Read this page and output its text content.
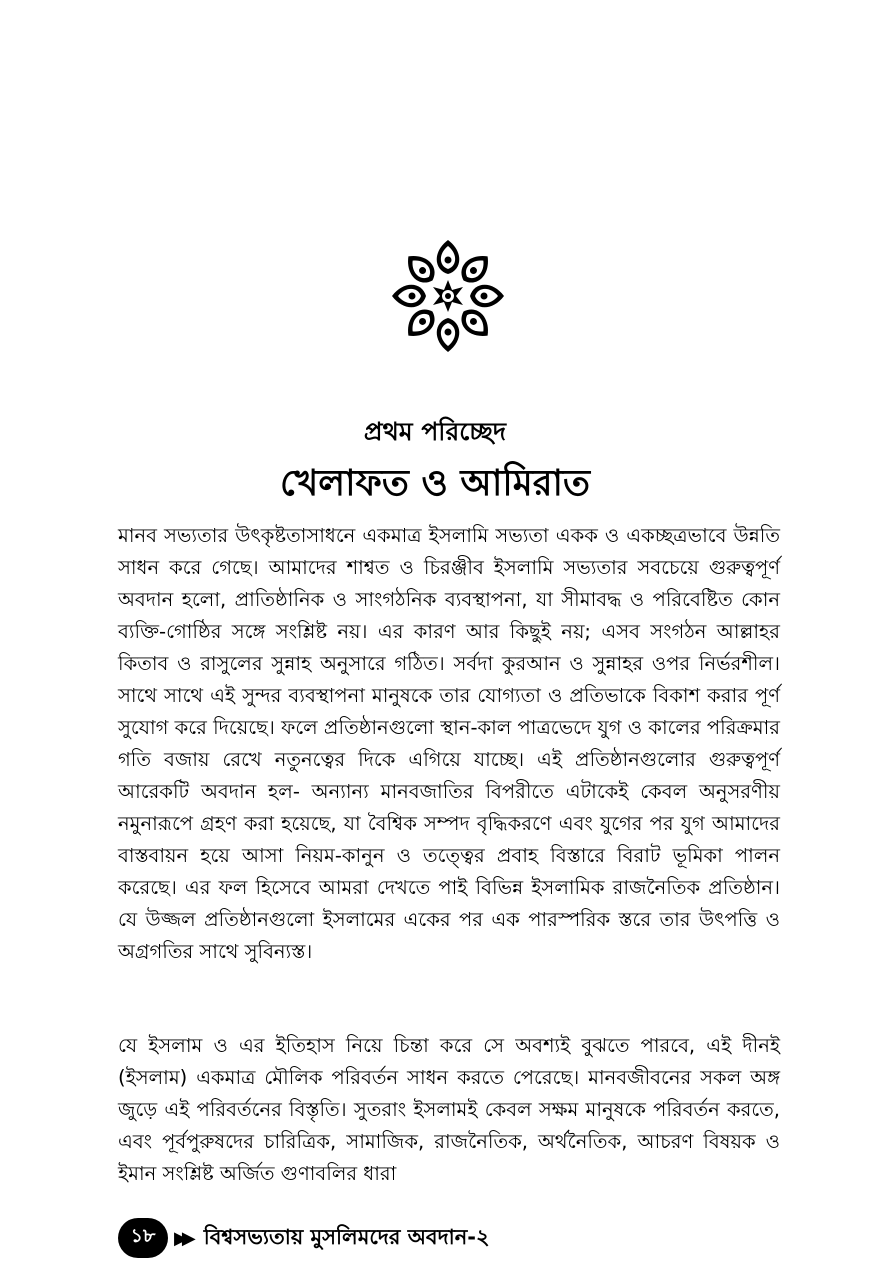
প্রথম পরিচ্ছেদ
খেলাফত ও আমিরাত

মানব সভ্যতার উৎকৃষ্টতাসাধনে একমাত্র ইসলামি সভ্যতা একক ও একচ্ছত্রভাবে উন্নতি সাধন করে গেছে। আমাদের শাশ্বত ও চিরঞ্জীব ইসলামি সভ্যতার সবচেয়ে গুরুত্বপূর্ণ অবদান হলো, প্রাতিষ্ঠানিক ও সাংগঠনিক ব্যবস্থাপনা, যা সীমাবদ্ধ ও পরিবেষ্টিত কোন ব্যক্তি-গোষ্ঠির সঙ্গে সংশ্লিষ্ট নয়। এর কারণ আর কিছুই নয়; এসব সংগঠন আল্লাহর কিতাব ও রাসুলের সুন্নাহ অনুসারে গঠিত। সর্বদা কুরআন ও সুন্নাহর ওপর নির্ভরশীল। সাথে সাথে এই সুন্দর ব্যবস্থাপনা মানুষকে তার যোগ্যতা ও প্রতিভাকে বিকাশ করার পূর্ণ সুযোগ করে দিয়েছে। ফলে প্রতিষ্ঠানগুলো স্থান-কাল পাত্রভেদে যুগ ও কালের পরিক্রমার গতি বজায় রেখে নতুনত্বের দিকে এগিয়ে যাচ্ছে। এই প্রতিষ্ঠানগুলোর গুরুত্বপূর্ণ আরেকটি অবদান হল- অন্যান্য মানবজাতির বিপরীতে এটাকেই কেবল অনুসরণীয় নমুনারূপে গ্রহণ করা হয়েছে, যা বৈশ্বিক সম্পদ বৃদ্ধিকরণে এবং যুগের পর যুগ আমাদের বাস্তবায়ন হয়ে আসা নিয়ম-কানুন ও তত্ত্বের প্রবাহ বিস্তারে বিরাট ভূমিকা পালন করেছে। এর ফল হিসেবে আমরা দেখতে পাই বিভিন্ন ইসলামিক রাজনৈতিক প্রতিষ্ঠান। যে উজ্জল প্রতিষ্ঠানগুলো ইসলামের একের পর এক পারস্পরিক স্তরে তার উৎপত্তি ও অগ্রগতির সাথে সুবিন্যস্ত।

যে ইসলাম ও এর ইতিহাস নিয়ে চিন্তা করে সে অবশ্যই বুঝতে পারবে, এই দীনই (ইসলাম) একমাত্র মৌলিক পরিবর্তন সাধন করতে পেরেছে। মানবজীবনের সকল অঙ্গ জুড়ে এই পরিবর্তনের বিস্তৃতি। সুতরাং ইসলামই কেবল সক্ষম মানুষকে পরিবর্তন করতে, এবং পূর্বপুরুষদের চারিত্রিক, সামাজিক, রাজনৈতিক, অর্থনৈতিক, আচরণ বিষয়ক ও ইমান সংশ্লিষ্ট অর্জিত গুণাবলির ধারা

১৮	▶▶ বিশ্বসভ্যতায় মুসলিমদের অবদান-২
